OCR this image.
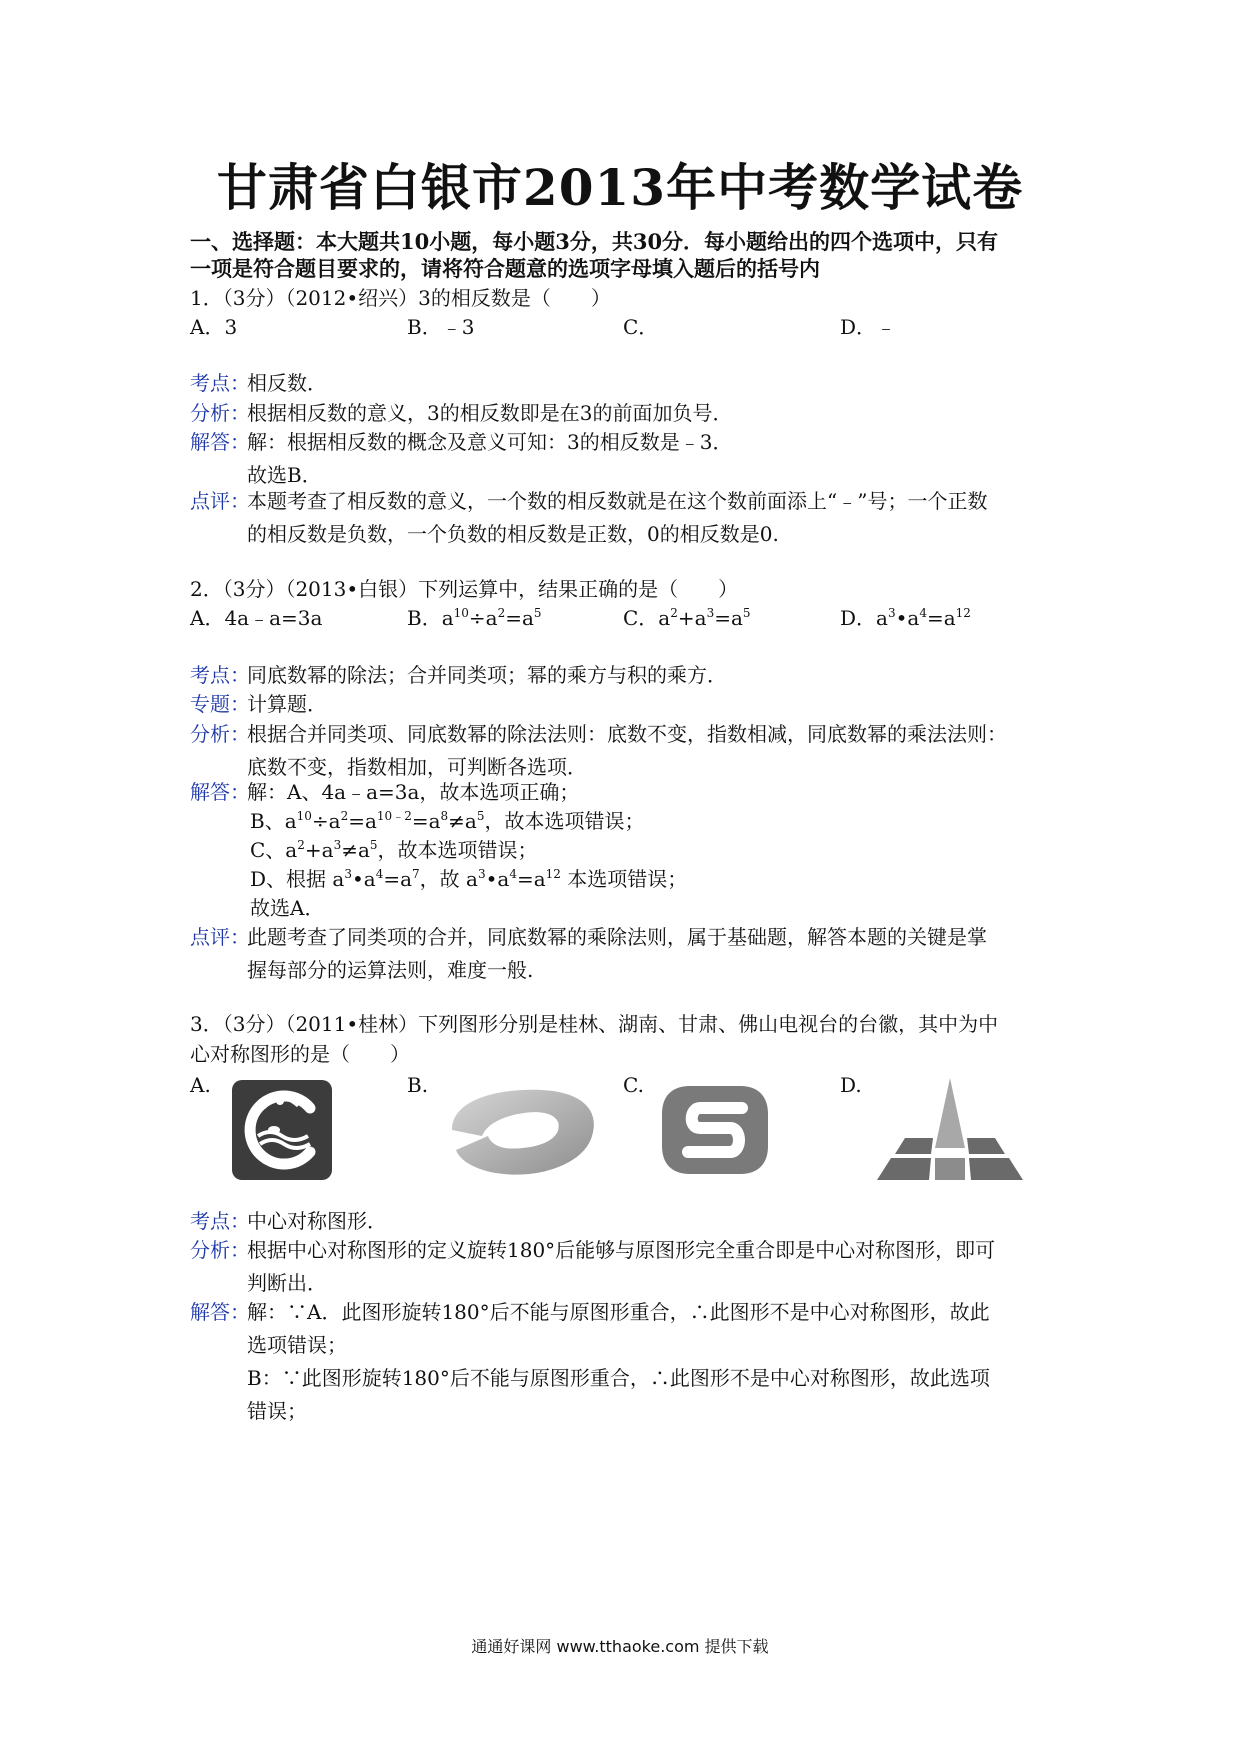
甘肃省白银市2013年中考数学试卷
一、选择题：本大题共10小题，每小题3分，共30分．每小题给出的四个选项中，只有
一项是符合题目要求的，请将符合题意的选项字母填入题后的括号内
1．（3分）（2012•绍兴）3的相反数是（　　）
A．3	B．﹣3	C．	D．﹣
考点：
相反数．
分析：
根据相反数的意义，3的相反数即是在3的前面加负号．
解答：
解：根据相反数的概念及意义可知：3的相反数是﹣3．
故选B．
点评：
本题考查了相反数的意义，一个数的相反数就是在这个数前面添上“﹣”号；一个正数
的相反数是负数，一个负数的相反数是正数，0的相反数是0.
2．（3分）（2013•白银）下列运算中，结果正确的是（　　）
A．4a﹣a=3a	B．$a^{10}\div a^2=a^5$	C．$a^2+a^3=a^5$	D．$a^3•a^4=a^{12}$
考点：
同底数幂的除法；合并同类项；幂的乘方与积的乘方．
专题：
计算题．
分析：
根据合并同类项、同底数幂的除法法则：底数不变，指数相减，同底数幂的乘法法则：
底数不变，指数相加，可判断各选项．
解答：
解：A、4a﹣a=3a，故本选项正确；
B、$a^{10}\div a^2=a^{10﹣2}=a^8\ne a^5$，故本选项错误；
C、$a^2+a^3\ne a^5$，故本选项错误；
D、根据 $a^3•a^4=a^7$，故 $a^3•a^4=a^{12}$ 本选项错误；
故选A．
点评：
此题考查了同类项的合并，同底数幂的乘除法则，属于基础题，解答本题的关键是掌
握每部分的运算法则，难度一般.
3．（3分）（2011•桂林）下列图形分别是桂林、湖南、甘肃、佛山电视台的台徽，其中为中
心对称图形的是（　　）
A.	B.	C.	D.
考点：
中心对称图形．
分析：
根据中心对称图形的定义旋转180°后能够与原图形完全重合即是中心对称图形，即可
判断出．
解答：
解：∵A．此图形旋转180°后不能与原图形重合，∴此图形不是中心对称图形，故此
选项错误；
B：∵此图形旋转180°后不能与原图形重合，∴此图形不是中心对称图形，故此选项
错误；
通通好课网 www.tthaoke.com 提供下载
